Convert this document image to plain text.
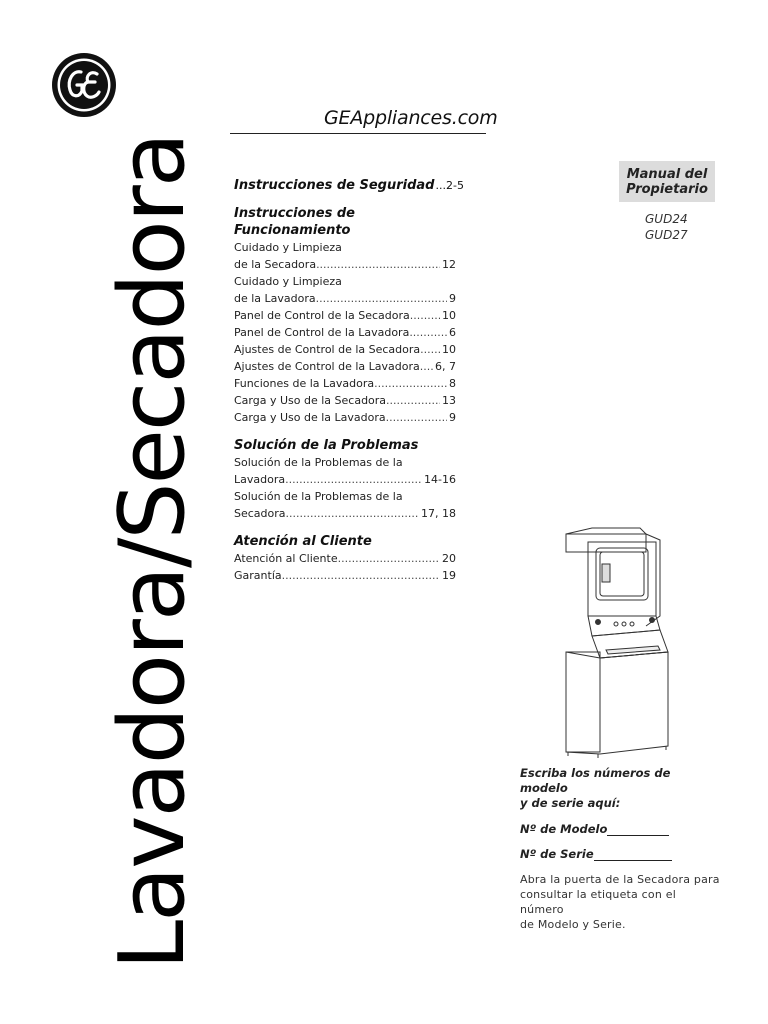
GEAppliances.com
Lavadora/Secadora Instrucciones de Seguridad ... 2-5
Instrucciones de Funcionamiento
Cuidado y Limpieza
de la Secadora .....	12
Cuidado y Limpieza
de la Lavadora .....	9
Panel de Control de la Secadora .....	10
Panel de Control de la Lavadora .....	6
Ajustes de Control de la Secadora ..... 10
Ajustes de Control de la Lavadora ..... 6, 7
Funciones de la Lavadora .....	8
Carga y Uso de la Secadora .....	13
Carga y Uso de la Lavadora .....	9
Solución de la Problemas
Solución de la Problemas de la
Lavadora .....	14-16
Solución de la Problemas de la
Secadora .....	17, 18
Atención al Cliente
Atención al Cliente .....	20
Garantía .....	19
Manual del
Propietario
GUD24
GUD27
Escriba los números de modelo
y de serie aquí:
Nº de Modelo
Nº de Serie
Abra la puerta de la Secadora para
consultar la etiqueta con el número
de Modelo y Serie.
